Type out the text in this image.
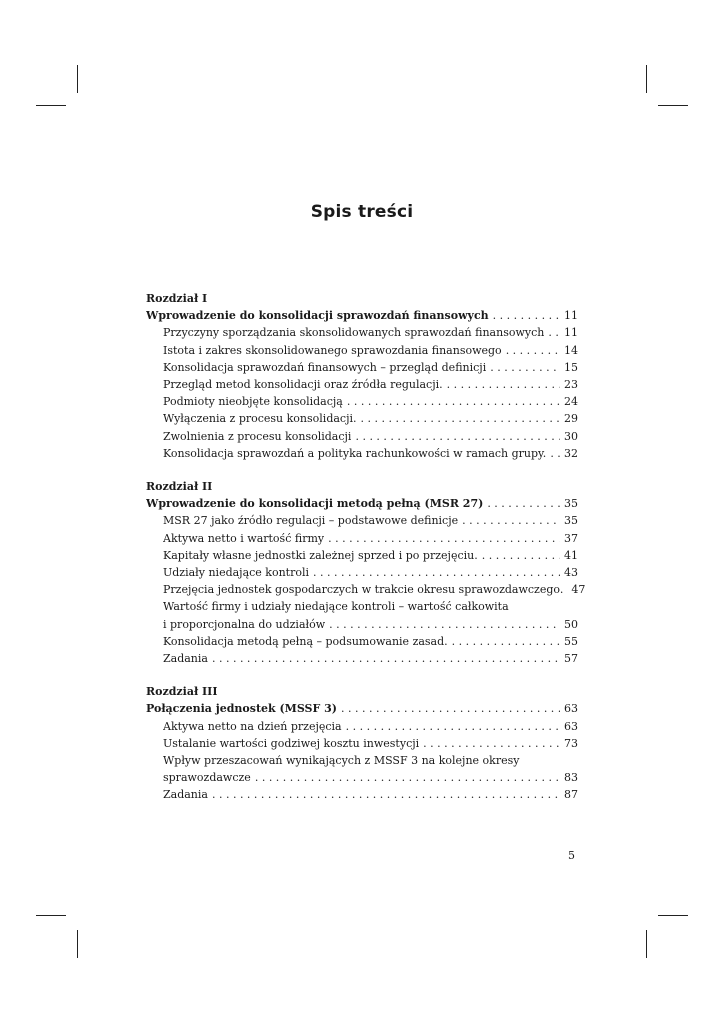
Spis treści
Rozdział I
Wprowadzenie do konsolidacji sprawozdań finansowych . . .	11
Przyczyny sporządzania skonsolidowanych sprawozdań finansowych . . . 11
Istota i zakres skonsolidowanego sprawozdania finansowego . . .	14
Konsolidacja sprawozdań finansowych – przegląd definicji . . .	15
Przegląd metod konsolidacji oraz źródła regulacji. . . .	23
Podmioty nieobjęte konsolidacją . . .	24
Wyłączenia z procesu konsolidacji. . . .	29
Zwolnienia z procesu konsolidacji . . .	30
Konsolidacja sprawozdań a polityka rachunkowości w ramach grupy. . . . 32
Rozdział II
Wprowadzenie do konsolidacji metodą pełną (MSR 27) . . .	35
MSR 27 jako źródło regulacji – podstawowe definicje . . .	35
Aktywa netto i wartość firmy . . .	37
Kapitały własne jednostki zależnej sprzed i po przejęciu. . . .	41
Udziały niedające kontroli . . .	43
Przejęcia jednostek gospodarczych w trakcie okresu sprawozdawczego. 47
Wartość firmy i udziały niedające kontroli – wartość całkowita
i proporcjonalna do udziałów . . .	50
Konsolidacja metodą pełną – podsumowanie zasad. . . .	55
Zadania . . .	57
Rozdział III
Połączenia jednostek (MSSF 3) . . .	63
Aktywa netto na dzień przejęcia . . .	63
Ustalanie wartości godziwej kosztu inwestycji . . .	73
Wpływ przeszacowań wynikających z MSSF 3 na kolejne okresy
sprawozdawcze . . .	83
Zadania . . .	87
5
